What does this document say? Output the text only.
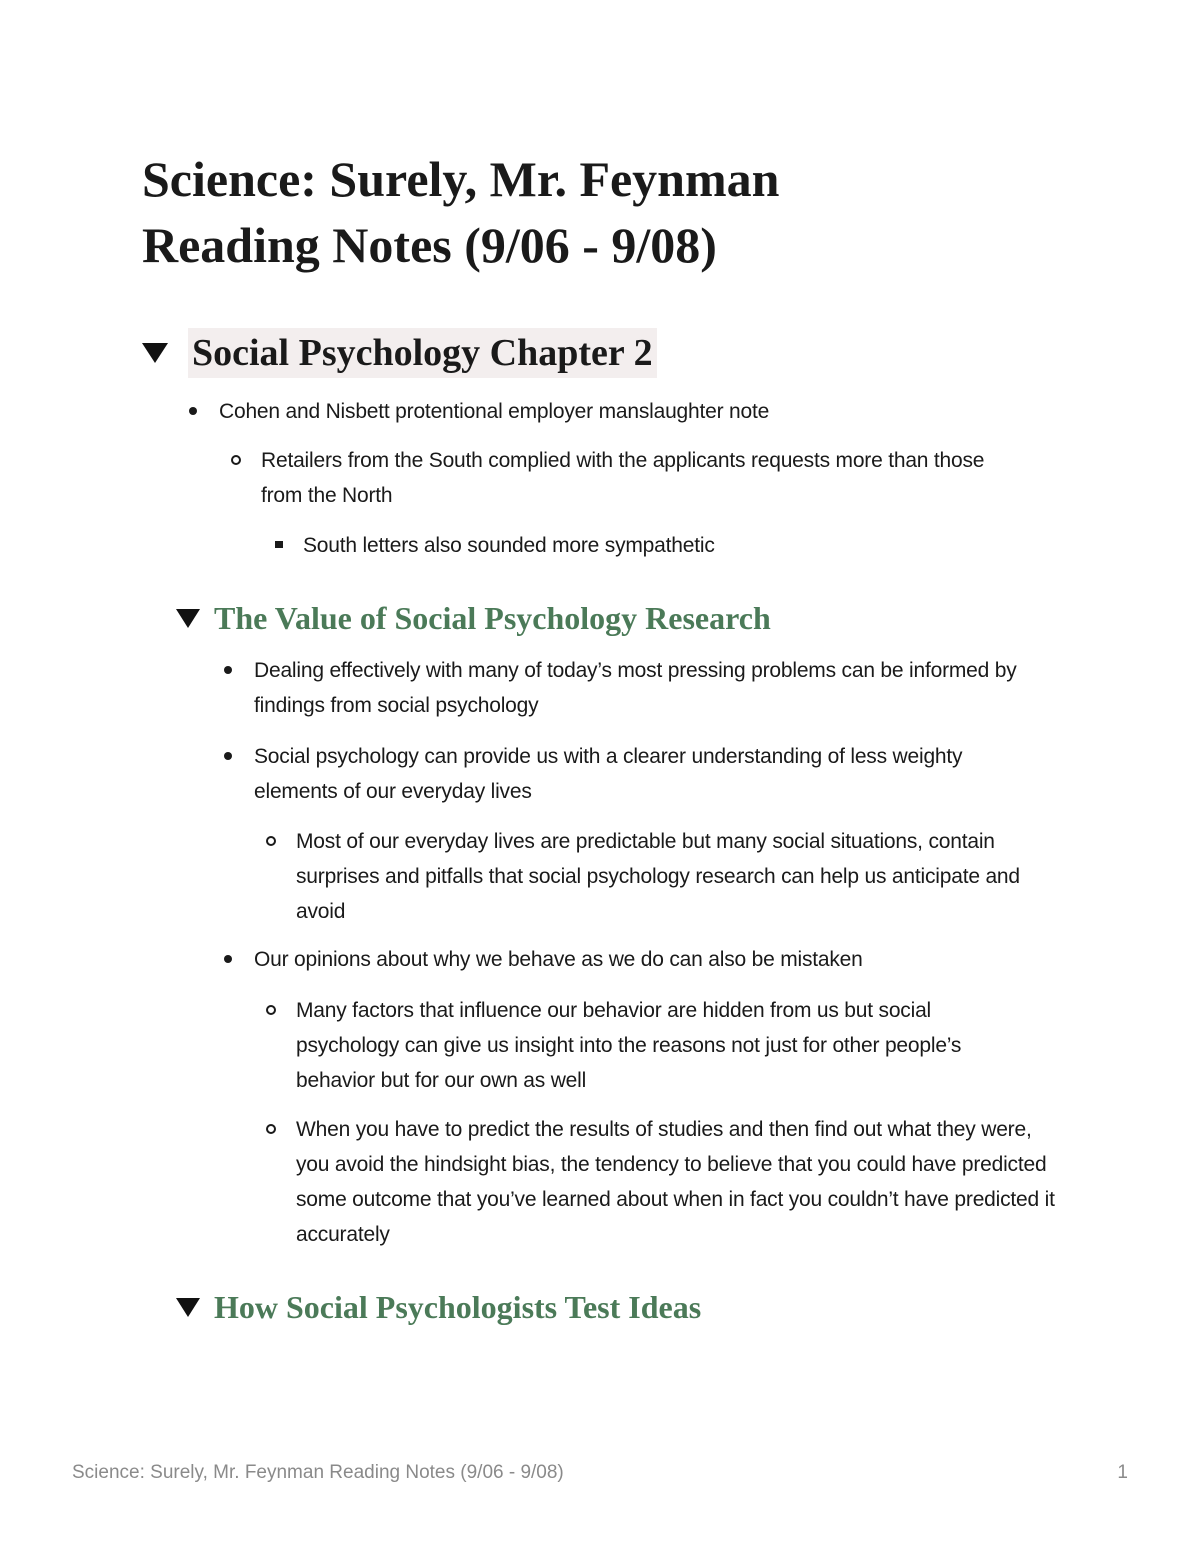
Science: Surely, Mr. Feynman
Reading Notes (9/06 - 9/08)
Social Psychology Chapter 2
Cohen and Nisbett protentional employer manslaughter note
Retailers from the South complied with the applicants requests more than those from the North
South letters also sounded more sympathetic
The Value of Social Psychology Research
Dealing effectively with many of today’s most pressing problems can be informed by findings from social psychology
Social psychology can provide us with a clearer understanding of less weighty elements of our everyday lives
Most of our everyday lives are predictable but many social situations, contain surprises and pitfalls that social psychology research can help us anticipate and avoid
Our opinions about why we behave as we do can also be mistaken
Many factors that influence our behavior are hidden from us but social psychology can give us insight into the reasons not just for other people’s behavior but for our own as well
When you have to predict the results of studies and then find out what they were, you avoid the hindsight bias, the tendency to believe that you could have predicted some outcome that you’ve learned about when in fact you couldn’t have predicted it accurately
How Social Psychologists Test Ideas
Science: Surely, Mr. Feynman Reading Notes (9/06 - 9/08)	1
